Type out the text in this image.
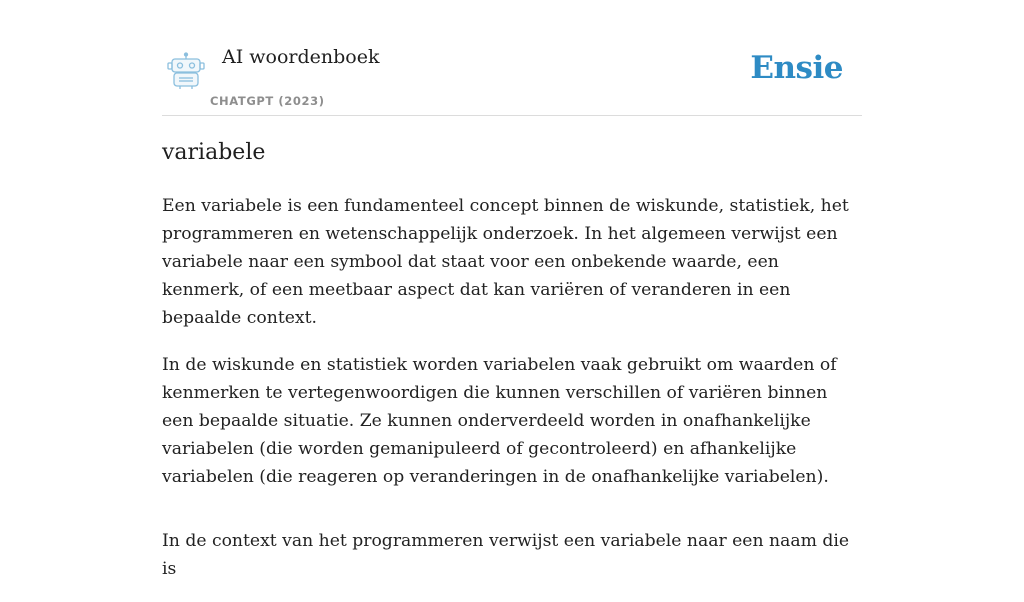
AI woordenboek
CHATGPT (2023)
Ensie
variabele

Een variabele is een fundamenteel concept binnen de wiskunde, statistiek, het programmeren en wetenschappelijk onderzoek. In het algemeen verwijst een variabele naar een symbool dat staat voor een onbekende waarde, een kenmerk, of een meetbaar aspect dat kan variëren of veranderen in een bepaalde context.

In de wiskunde en statistiek worden variabelen vaak gebruikt om waarden of kenmerken te vertegenwoordigen die kunnen verschillen of variëren binnen een bepaalde situatie. Ze kunnen onderverdeeld worden in onafhankelijke variabelen (die worden gemanipuleerd of gecontroleerd) en afhankelijke variabelen (die reageren op veranderingen in de onafhankelijke variabelen).

In de context van het programmeren verwijst een variabele naar een naam die is
